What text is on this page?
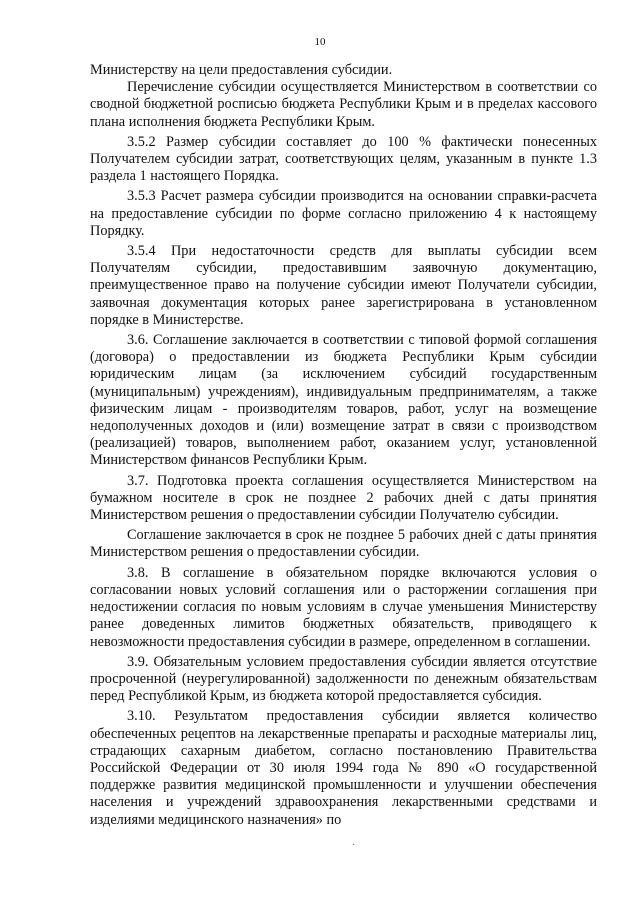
10

Министерству на цели предоставления субсидии.

Перечисление субсидии осуществляется Министерством в соответствии со сводной бюджетной росписью бюджета Республики Крым и в пределах кассового плана исполнения бюджета Республики Крым.

3.5.2 Размер субсидии составляет до 100 % фактически понесенных Получателем субсидии затрат, соответствующих целям, указанным в пункте 1.3 раздела 1 настоящего Порядка.

3.5.3 Расчет размера субсидии производится на основании справки-расчета на предоставление субсидии по форме согласно приложению 4 к настоящему Порядку.

3.5.4 При недостаточности средств для выплаты субсидии всем Получателям субсидии, предоставившим заявочную документацию, преимущественное право на получение субсидии имеют Получатели субсидии, заявочная документация которых ранее зарегистрирована в установленном порядке в Министерстве.

3.6. Соглашение заключается в соответствии с типовой формой соглашения (договора) о предоставлении из бюджета Республики Крым субсидии юридическим лицам (за исключением субсидий государственным (муниципальным) учреждениям), индивидуальным предпринимателям, а также физическим лицам - производителям товаров, работ, услуг на возмещение недополученных доходов и (или) возмещение затрат в связи с производством (реализацией) товаров, выполнением работ, оказанием услуг, установленной Министерством финансов Республики Крым.

3.7. Подготовка проекта соглашения осуществляется Министерством на бумажном носителе в срок не позднее 2 рабочих дней с даты принятия Министерством решения о предоставлении субсидии Получателю субсидии.

Соглашение заключается в срок не позднее 5 рабочих дней с даты принятия Министерством решения о предоставлении субсидии.

3.8. В соглашение в обязательном порядке включаются условия о согласовании новых условий соглашения или о расторжении соглашения при недостижении согласия по новым условиям в случае уменьшения Министерству ранее доведенных лимитов бюджетных обязательств, приводящего к невозможности предоставления субсидии в размере, определенном в соглашении.

3.9. Обязательным условием предоставления субсидии является отсутствие просроченной (неурегулированной) задолженности по денежным обязательствам перед Республикой Крым, из бюджета которой предоставляется субсидия.

3.10. Результатом предоставления субсидии является количество обеспеченных рецептов на лекарственные препараты и расходные материалы лиц, страдающих сахарным диабетом, согласно постановлению Правительства Российской Федерации от 30 июля 1994 года № 890 «О государственной поддержке развития медицинской промышленности и улучшении обеспечения населения и учреждений здравоохранения лекарственными средствами и изделиями медицинского назначения» по

·
